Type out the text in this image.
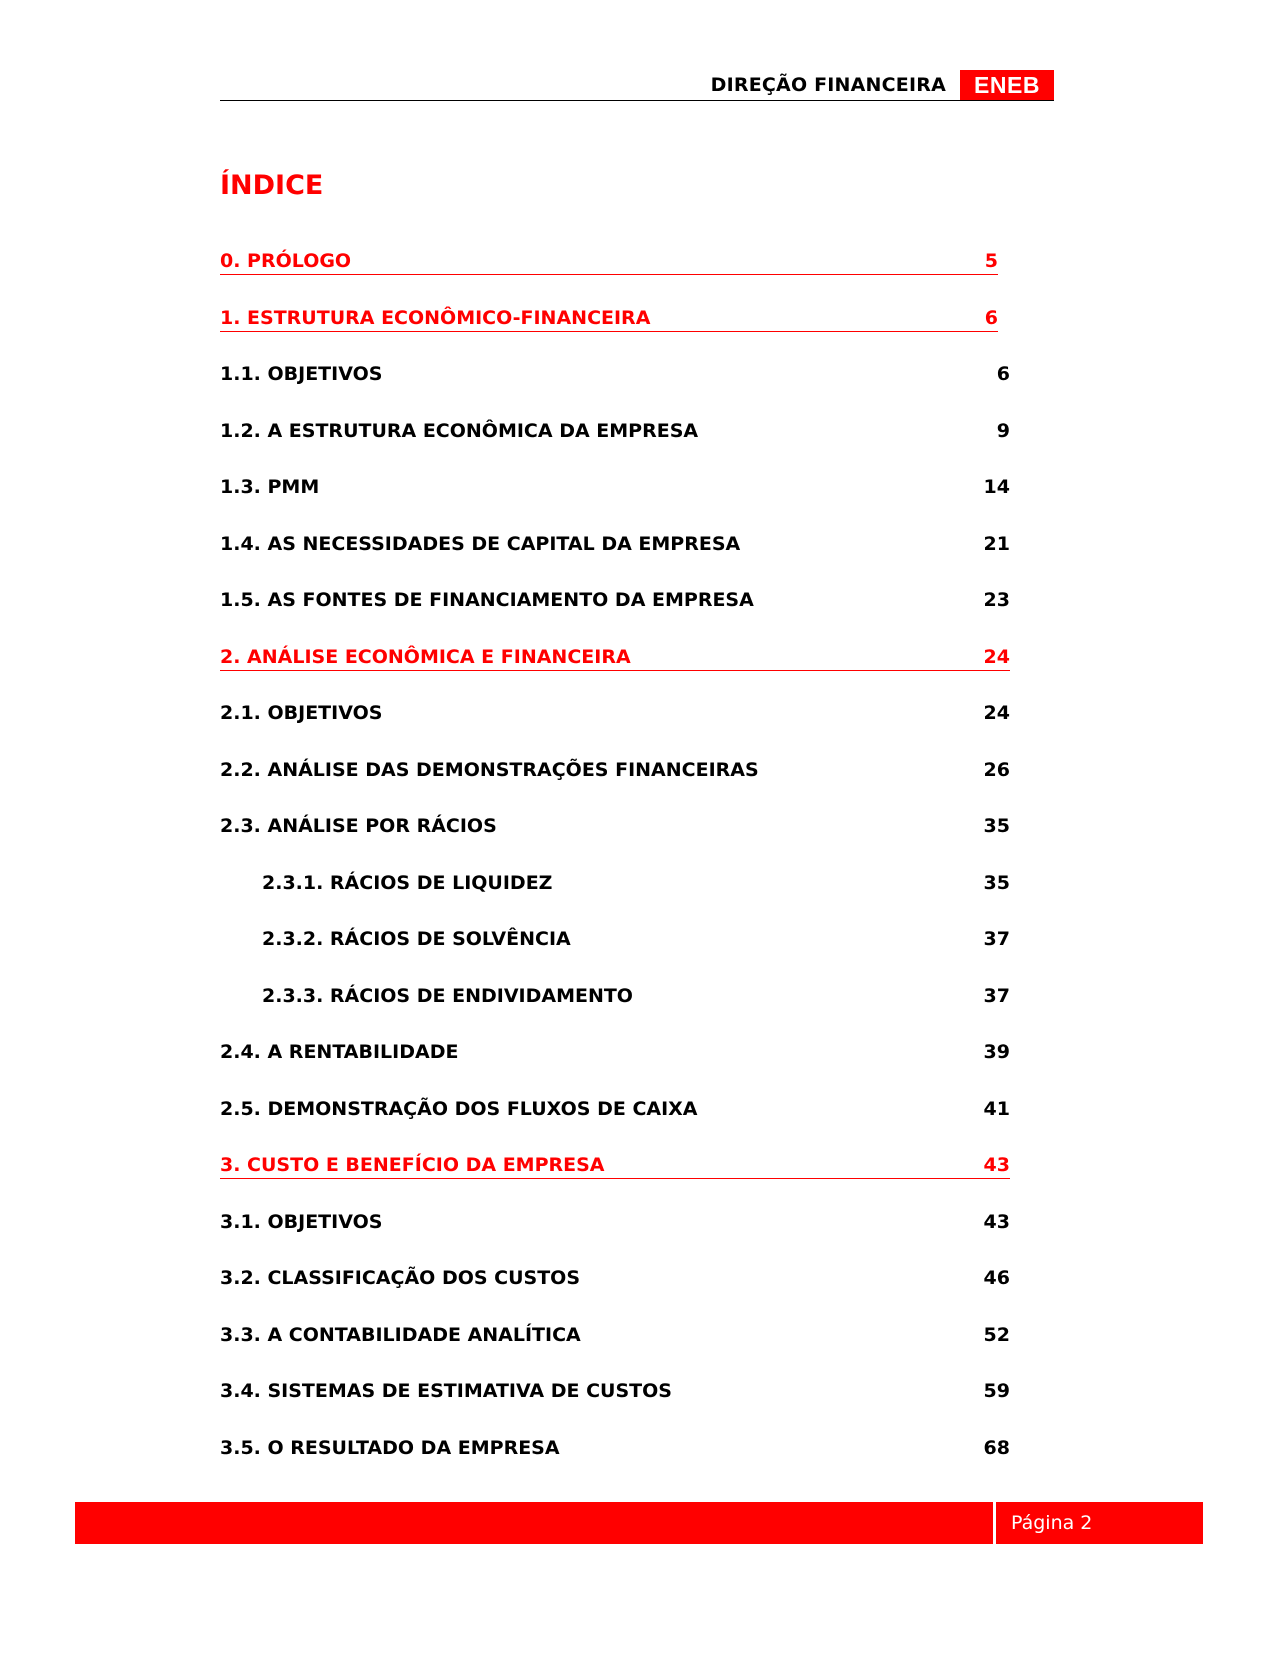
DIREÇÃO FINANCEIRA	ENEB
ÍNDICE
0. PRÓLOGO	5
1. ESTRUTURA ECONÔMICO-FINANCEIRA	6
1.1. OBJETIVOS	6
1.2. A ESTRUTURA ECONÔMICA DA EMPRESA	9
1.3. PMM	14
1.4. AS NECESSIDADES DE CAPITAL DA EMPRESA	21
1.5. AS FONTES DE FINANCIAMENTO DA EMPRESA	23
2. ANÁLISE ECONÔMICA E FINANCEIRA	24
2.1. OBJETIVOS	24
2.2. ANÁLISE DAS DEMONSTRAÇÕES FINANCEIRAS	26
2.3. ANÁLISE POR RÁCIOS	35
2.3.1. RÁCIOS DE LIQUIDEZ	35
2.3.2. RÁCIOS DE SOLVÊNCIA	37
2.3.3. RÁCIOS DE ENDIVIDAMENTO	37
2.4. A RENTABILIDADE	39
2.5. DEMONSTRAÇÃO DOS FLUXOS DE CAIXA	41
3. CUSTO E BENEFÍCIO DA EMPRESA	43
3.1. OBJETIVOS	43
3.2. CLASSIFICAÇÃO DOS CUSTOS	46
3.3. A CONTABILIDADE ANALÍTICA	52
3.4. SISTEMAS DE ESTIMATIVA DE CUSTOS	59
3.5. O RESULTADO DA EMPRESA	68
Página 2
